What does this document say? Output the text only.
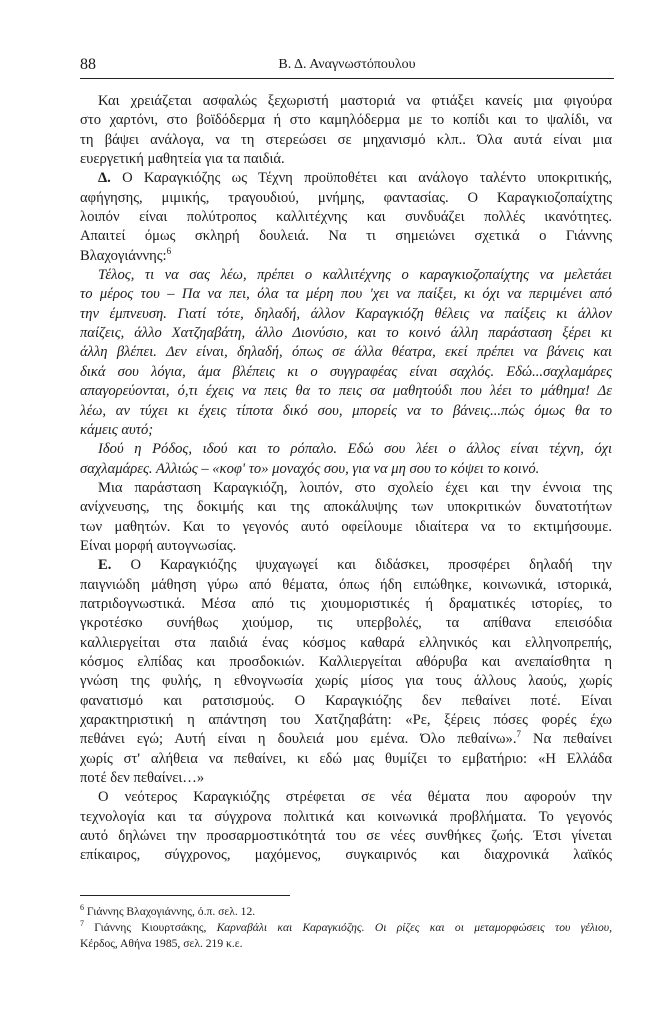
88	Β. Δ. Αναγνωστόπουλου
Και χρειάζεται ασφαλώς ξεχωριστή μαστοριά να φτιάξει κανείς μια φιγούρα
στο χαρτόνι, στο βοϊδόδερμα ή στο καμηλόδερμα με το κοπίδι και το ψαλίδι, να
τη βάψει ανάλογα, να τη στερεώσει σε μηχανισμό κλπ.. Όλα αυτά είναι μια
ευεργετική μαθητεία για τα παιδιά.
Δ. Ο Καραγκιόζης ως Τέχνη προϋποθέτει και ανάλογο ταλέντο υποκριτικής,
αφήγησης, μιμικής, τραγουδιού, μνήμης, φαντασίας. Ο Καραγκιοζοπαίχτης
λοιπόν είναι πολύτροπος καλλιτέχνης και συνδυάζει πολλές ικανότητες.
Απαιτεί όμως σκληρή δουλειά. Να τι σημειώνει σχετικά ο Γιάννης
Βλαχογιάννης:$^6$
Τέλος, τι να σας λέω, πρέπει ο καλλιτέχνης ο καραγκιοζοπαίχτης να μελετάει
το μέρος του – Πα να πει, όλα τα μέρη που 'χει να παίξει, κι όχι να περιμένει από
την έμπνευση. Γιατί τότε, δηλαδή, άλλον Καραγκιόζη θέλεις να παίξεις κι άλλον
παίζεις, άλλο Χατζηαβάτη, άλλο Διονύσιο, και το κοινό άλλη παράσταση ξέρει κι
άλλη βλέπει. Δεν είναι, δηλαδή, όπως σε άλλα θέατρα, εκεί πρέπει να βάνεις και
δικά σου λόγια, άμα βλέπεις κι ο συγγραφέας είναι σαχλός. Εδώ...σαχλαμάρες
απαγορεύονται, ό,τι έχεις να πεις θα το πεις σα μαθητούδι που λέει το μάθημα! Δε
λέω, αν τύχει κι έχεις τίποτα δικό σου, μπορείς να το βάνεις...πώς όμως θα το
κάμεις αυτό;
Ιδού η Ρόδος, ιδού και το ρόπαλο. Εδώ σου λέει ο άλλος είναι τέχνη, όχι
σαχλαμάρες. Αλλιώς – «κοφ' το» μοναχός σου, για να μη σου το κόψει το κοινό.
Μια παράσταση Καραγκιόζη, λοιπόν, στο σχολείο έχει και την έννοια της
ανίχνευσης, της δοκιμής και της αποκάλυψης των υποκριτικών δυνατοτήτων
των μαθητών. Και το γεγονός αυτό οφείλουμε ιδιαίτερα να το εκτιμήσουμε.
Είναι μορφή αυτογνωσίας.
Ε. Ο Καραγκιόζης ψυχαγωγεί και διδάσκει, προσφέρει δηλαδή την
παιγνιώδη μάθηση γύρω από θέματα, όπως ήδη ειπώθηκε, κοινωνικά, ιστορικά,
πατριδογνωστικά. Μέσα από τις χιουμοριστικές ή δραματικές ιστορίες, το
γκροτέσκο συνήθως χιούμορ, τις υπερβολές, τα απίθανα επεισόδια
καλλιεργείται στα παιδιά ένας κόσμος καθαρά ελληνικός και ελληνοπρεπής,
κόσμος ελπίδας και προσδοκιών. Καλλιεργείται αθόρυβα και ανεπαίσθητα η
γνώση της φυλής, η εθνογνωσία χωρίς μίσος για τους άλλους λαούς, χωρίς
φανατισμό και ρατσισμούς. Ο Καραγκιόζης δεν πεθαίνει ποτέ. Είναι
χαρακτηριστική η απάντηση του Χατζηαβάτη: «Ρε, ξέρεις πόσες φορές έχω
πεθάνει εγώ; Αυτή είναι η δουλειά μου εμένα. Όλο πεθαίνω».$^7$ Να πεθαίνει
χωρίς στ' αλήθεια να πεθαίνει, κι εδώ μας θυμίζει το εμβατήριο: «Η Ελλάδα
ποτέ δεν πεθαίνει…»
Ο νεότερος Καραγκιόζης στρέφεται σε νέα θέματα που αφορούν την
τεχνολογία και τα σύγχρονα πολιτικά και κοινωνικά προβλήματα. Το γεγονός
αυτό δηλώνει την προσαρμοστικότητά του σε νέες συνθήκες ζωής. Έτσι γίνεται
επίκαιρος, σύγχρονος, μαχόμενος, συγκαιρινός και διαχρονικά λαϊκός
$^6$ Γιάννης Βλαχογιάννης, ό.π. σελ. 12.
$^7$ Γιάννης Κιουρτσάκης, Καρναβάλι και Καραγκιόζης. Οι ρίζες και οι μεταμορφώσεις του γέλιου,
Κέρδος, Αθήνα 1985, σελ. 219 κ.ε.
